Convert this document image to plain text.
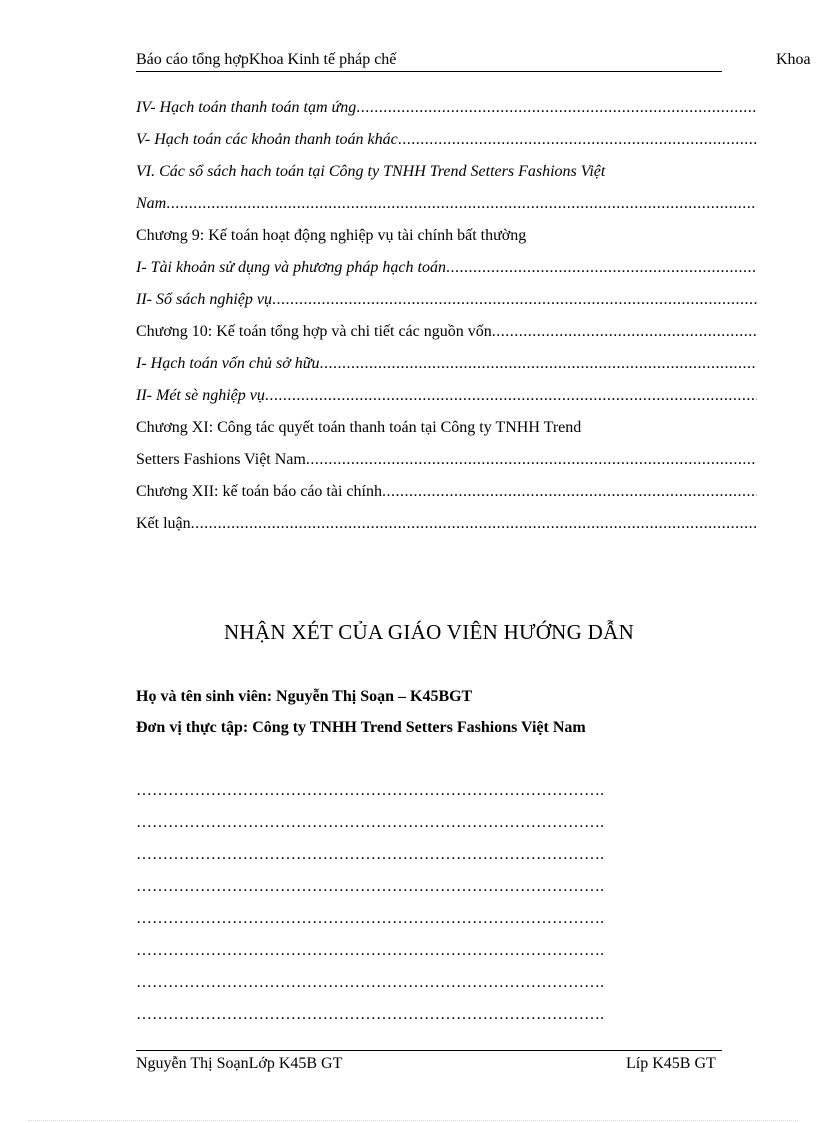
Báo cáo tổng hợpKhoa Kinh tế pháp chế	Khoa
IV- Hạch toán thanh toán tạm ứng
.....
V- Hạch toán các khoản thanh toán khác
.....
VI. Các sổ sách hach toán tại Công ty TNHH Trend Setters Fashions Việt
Nam
.....
Chương 9: Kế toán hoạt động nghiệp vụ tài chính bất thường
I- Tài khoản sử dụng và phương pháp hạch toán
.....
II- Sổ sách nghiệp vụ
.....
Chương 10: Kế toán tổng hợp và chi tiết các nguồn vốn
.....
I- Hạch toán vốn chủ sở hữu
.....
II- Mét sè nghiệp vụ
.....
Chương XI: Công tác quyết toán thanh toán tại Công ty TNHH Trend
Setters Fashions Việt Nam
.....
Chương XII: kế toán báo cáo tài chính
.....
Kết luận
.....
NHẬN XÉT CỦA GIÁO VIÊN HƯỚNG DẪN
Họ và tên sinh viên: Nguyễn Thị Soạn – K45BGT
Đơn vị thực tập: Công ty TNHH Trend Setters Fashions Việt Nam
…………………………………………………………………………….
…………………………………………………………………………….
…………………………………………………………………………….
…………………………………………………………………………….
…………………………………………………………………………….
…………………………………………………………………………….
…………………………………………………………………………….
…………………………………………………………………………….
Nguyễn Thị SoạnLớp K45B GT	Líp K45B GT
